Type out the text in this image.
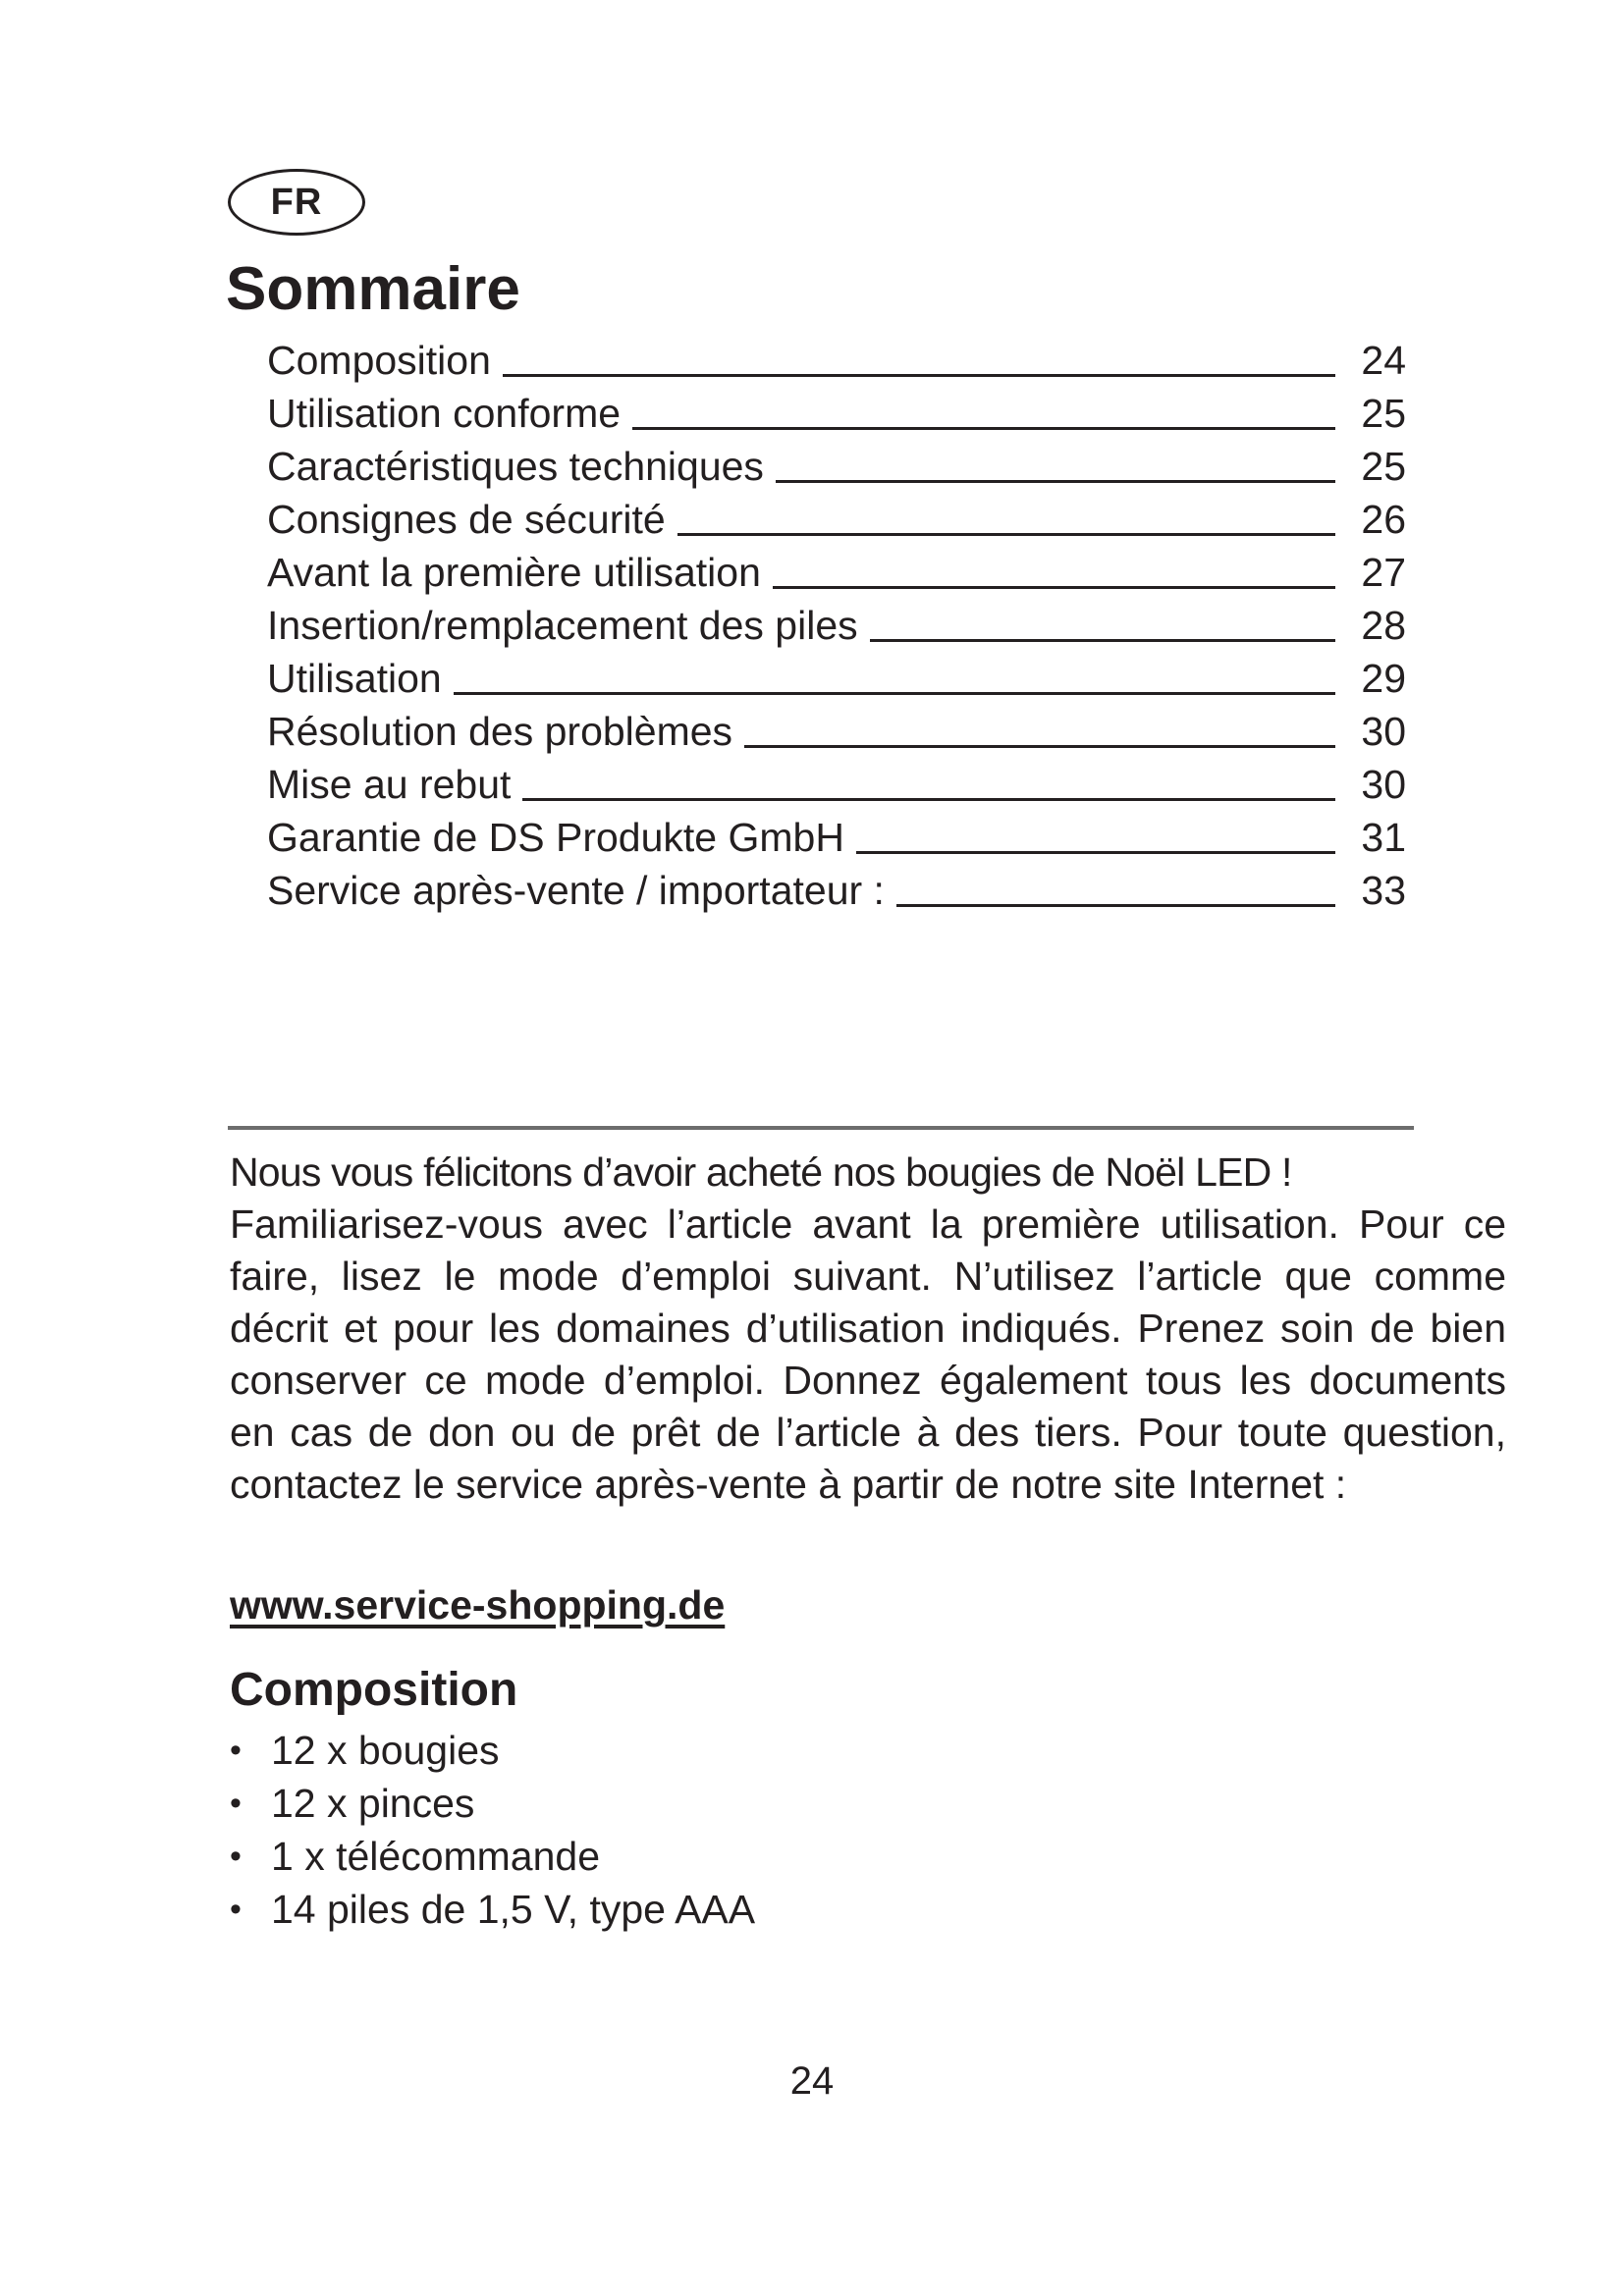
FR
Sommaire
Composition	24
Utilisation conforme	25
Caractéristiques techniques	25
Consignes de sécurité	26
Avant la première utilisation	27
Insertion/remplacement des piles	28
Utilisation	29
Résolution des problèmes	30
Mise au rebut	30
Garantie de DS Produkte GmbH	31
Service après-vente / importateur :	33

Nous vous félicitons d’avoir acheté nos bougies de Noël LED !
Familiarisez-vous avec l’article avant la première utilisation. Pour ce faire, lisez le mode d’emploi suivant. N’utilisez l’article que comme décrit et pour les domaines d’utilisation indiqués. Prenez soin de bien conserver ce mode d’emploi. Donnez également tous les documents en cas de don ou de prêt de l’article à des tiers. Pour toute question, contactez le service après-vente à partir de notre site Internet :

www.service-shopping.de
Composition
• 12 x bougies
• 12 x pinces
• 1 x télécommande
• 14 piles de 1,5 V, type AAA
24
